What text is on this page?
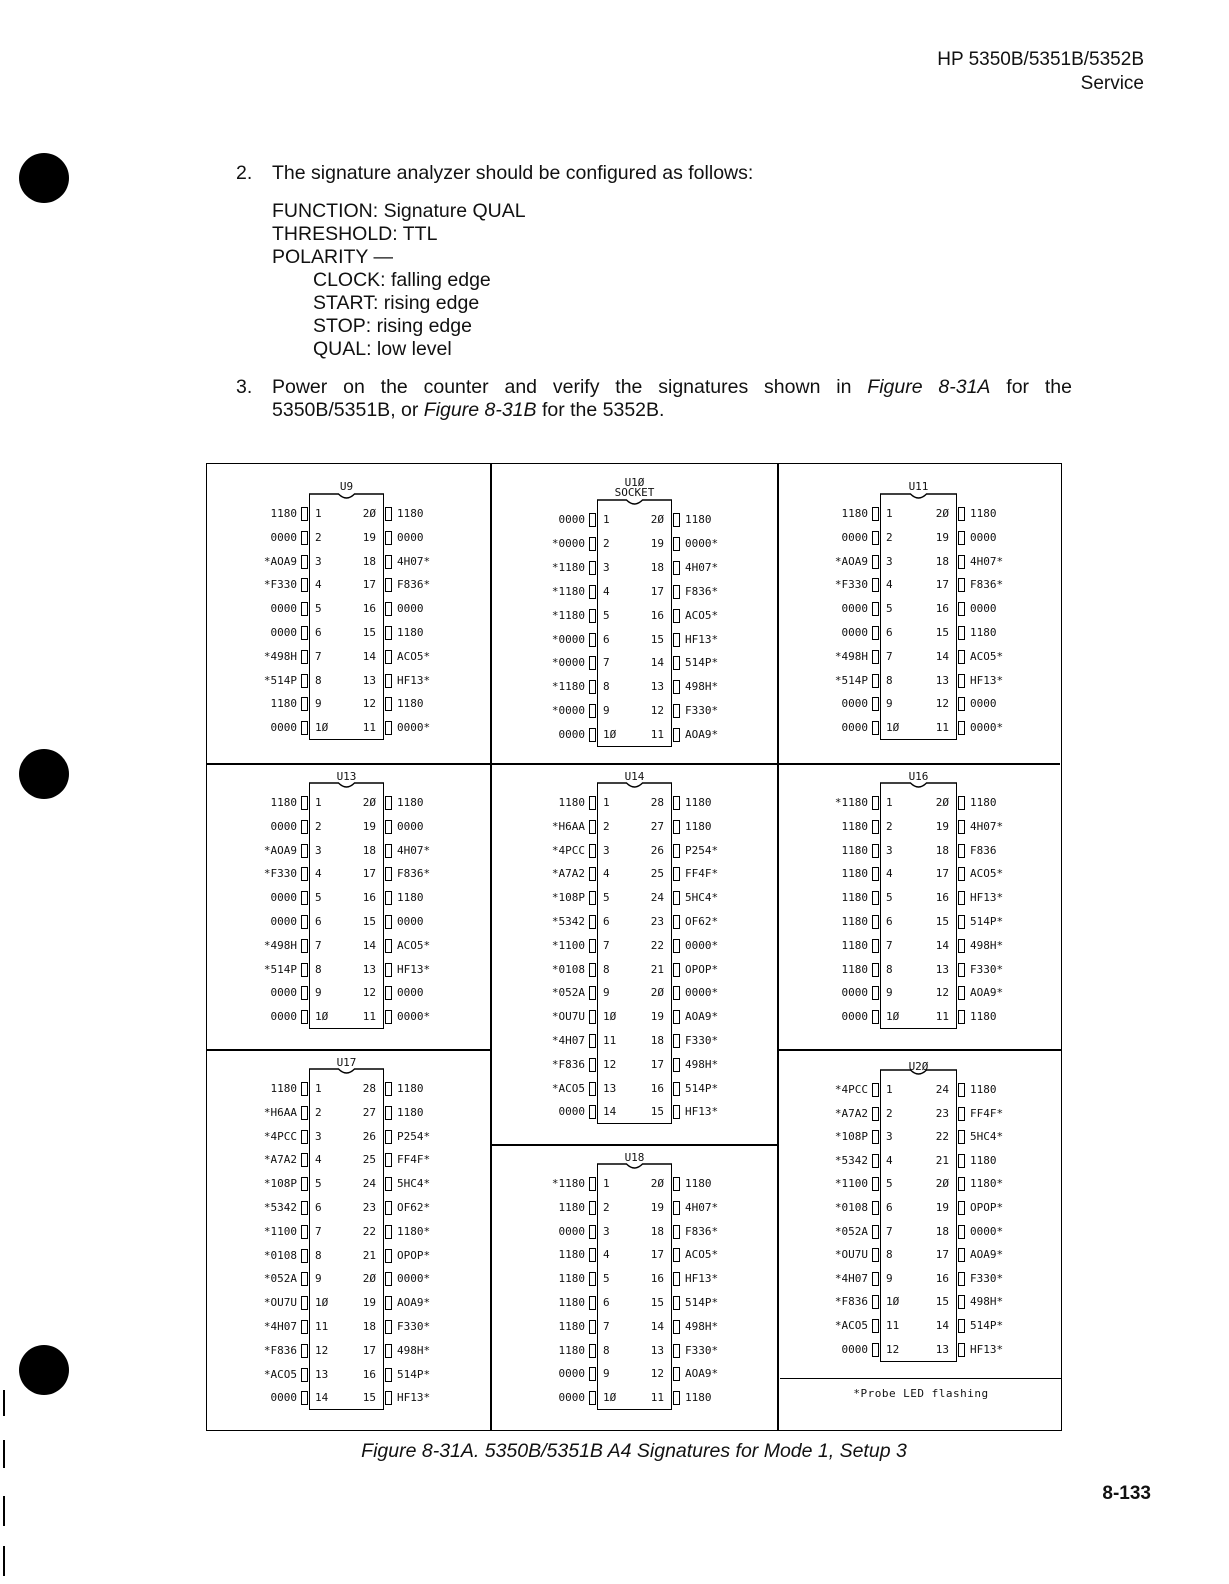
HP 5350B/5351B/5352B
Service
2. The signature analyzer should be configured as follows:
FUNCTION: Signature QUAL
THRESHOLD: TTL
POLARITY —
CLOCK: falling edge
START: rising edge
STOP: rising edge
QUAL: low level
3. Power on the counter and verify the signatures shown in Figure 8-31A for the
5350B/5351B, or Figure 8-31B for the 5352B.
U9
1180 1	2Ø 1180
0000 2	19 0000
*AOA9 3	18 4H07*
*F330 4	17 F836*
0000 5	16 0000
0000 6	15 1180
*498H 7	14 ACO5*
*514P 8	13 HF13*
1180 9	12 1180
0000 1Ø	11 0000*
U1Ø
SOCKET
0000 1	2Ø 1180
*0000 2	19 0000*
*1180 3	18 4H07*
*1180 4	17 F836*
*1180 5	16 ACO5*
*0000 6	15 HF13*
*0000 7	14 514P*
*1180 8	13 498H*
*0000 9	12 F330*
0000 1Ø	11 AOA9*
U11
1180 1	2Ø 1180
0000 2	19 0000
*AOA9 3	18 4H07*
*F330 4	17 F836*
0000 5	16 0000
0000 6	15 1180
*498H 7	14 ACO5*
*514P 8	13 HF13*
0000 9	12 0000
0000 1Ø	11 0000*
U13
1180 1	2Ø 1180
0000 2	19 0000
*AOA9 3	18 4H07*
*F330 4	17 F836*
0000 5	16 1180
0000 6	15 0000
*498H 7	14 ACO5*
*514P 8	13 HF13*
0000 9	12 0000
0000 1Ø	11 0000*
U14
1180 1	28 1180
*H6AA 2	27 1180
*4PCC 3	26 P254*
*A7A2 4	25 FF4F*
*108P 5	24 5HC4*
*5342 6	23 OF62*
*1100 7	22 0000*
*0108 8	21 OPOP*
*052A 9	2Ø 0000*
*OU7U 1Ø	19 AOA9*
*4H07 11	18 F330*
*F836 12	17 498H*
*ACO5 13	16 514P*
0000 14	15 HF13*
U16
*1180 1	2Ø 1180
1180 2	19 4H07*
1180 3	18 F836
1180 4	17 ACO5*
1180 5	16 HF13*
1180 6	15 514P*
1180 7	14 498H*
1180 8	13 F330*
0000 9	12 AOA9*
0000 1Ø	11 1180
U17
1180 1	28 1180
*H6AA 2	27 1180
*4PCC 3	26 P254*
*A7A2 4	25 FF4F*
*108P 5	24 5HC4*
*5342 6	23 OF62*
*1100 7	22 1180*
*0108 8	21 OPOP*
*052A 9	2Ø 0000*
*OU7U 1Ø	19 AOA9*
*4H07 11	18 F330*
*F836 12	17 498H*
*ACO5 13	16 514P*
0000 14	15 HF13*
U18
*1180 1	2Ø 1180
1180 2	19 4H07*
0000 3	18 F836*
1180 4	17 ACO5*
1180 5	16 HF13*
1180 6	15 514P*
1180 7	14 498H*
1180 8	13 F330*
0000 9	12 AOA9*
0000 1Ø	11 1180
U2Ø
*4PCC 1	24 1180
*A7A2 2	23 FF4F*
*108P 3	22 5HC4*
*5342 4	21 1180
*1100 5	2Ø 1180*
*0108 6	19 OPOP*
*052A 7	18 0000*
*OU7U 8	17 AOA9*
*4H07 9	16 F330*
*F836 1Ø	15 498H*
*ACO5 11	14 514P*
0000 12	13 HF13*
*Probe LED flashing
Figure 8-31A. 5350B/5351B A4 Signatures for Mode 1, Setup 3
8-133
